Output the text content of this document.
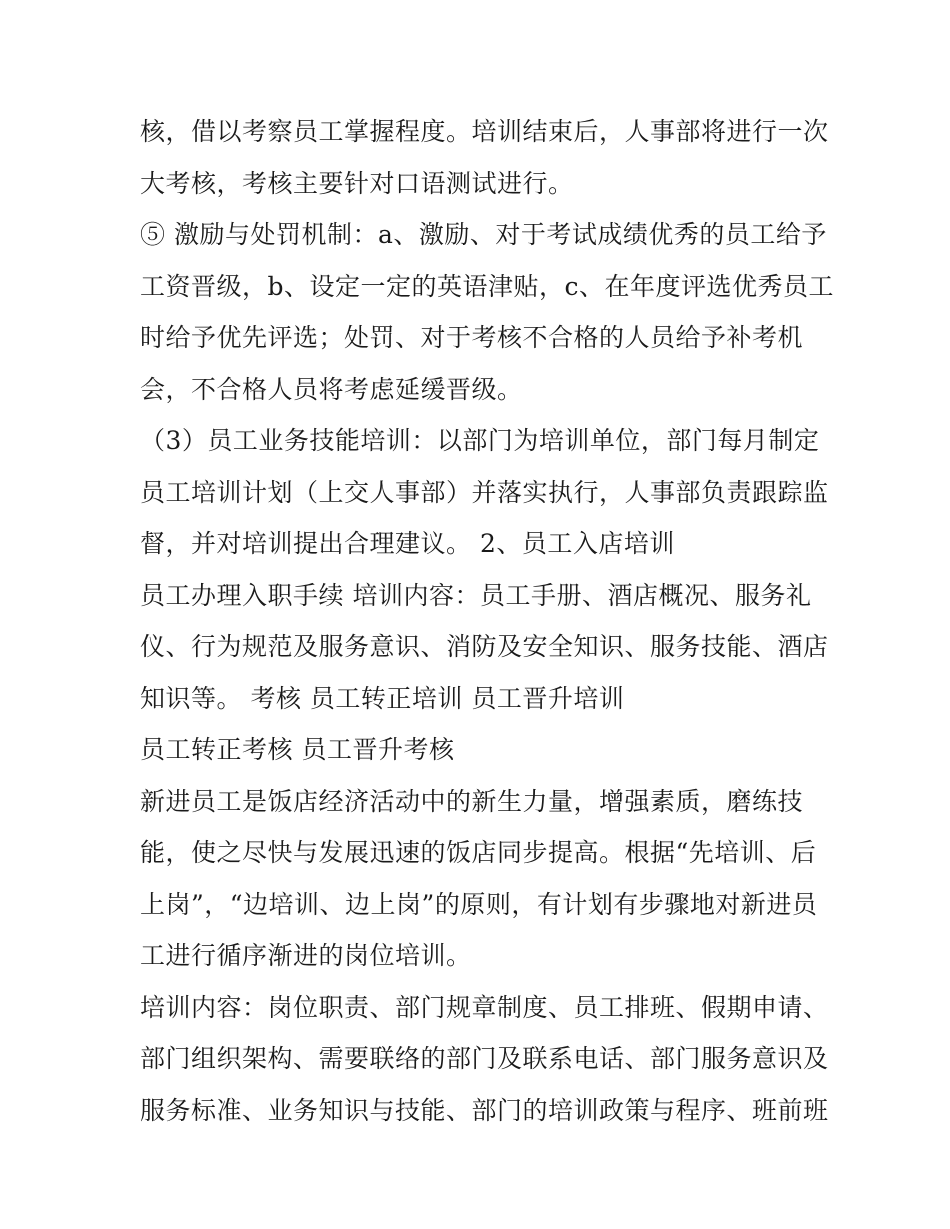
核，借以考察员工掌握程度。培训结束后，人事部将进行一次
大考核，考核主要针对口语测试进行。
⑤ 激励与处罚机制：a、激励、对于考试成绩优秀的员工给予
工资晋级，b、设定一定的英语津贴，c、在年度评选优秀员工
时给予优先评选；处罚、对于考核不合格的人员给予补考机
会，不合格人员将考虑延缓晋级。
（3）员工业务技能培训：以部门为培训单位，部门每月制定
员工培训计划（上交人事部）并落实执行，人事部负责跟踪监
督，并对培训提出合理建议。 2、员工入店培训
员工办理入职手续 培训内容：员工手册、酒店概况、服务礼
仪、行为规范及服务意识、消防及安全知识、服务技能、酒店
知识等。 考核 员工转正培训 员工晋升培训
员工转正考核 员工晋升考核
新进员工是饭店经济活动中的新生力量，增强素质，磨练技
能，使之尽快与发展迅速的饭店同步提高。根据“先培训、后
上岗”，“边培训、边上岗”的原则，有计划有步骤地对新进员
工进行循序渐进的岗位培训。
培训内容：岗位职责、部门规章制度、员工排班、假期申请、
部门组织架构、需要联络的部门及联系电话、部门服务意识及
服务标准、业务知识与技能、部门的培训政策与程序、班前班
